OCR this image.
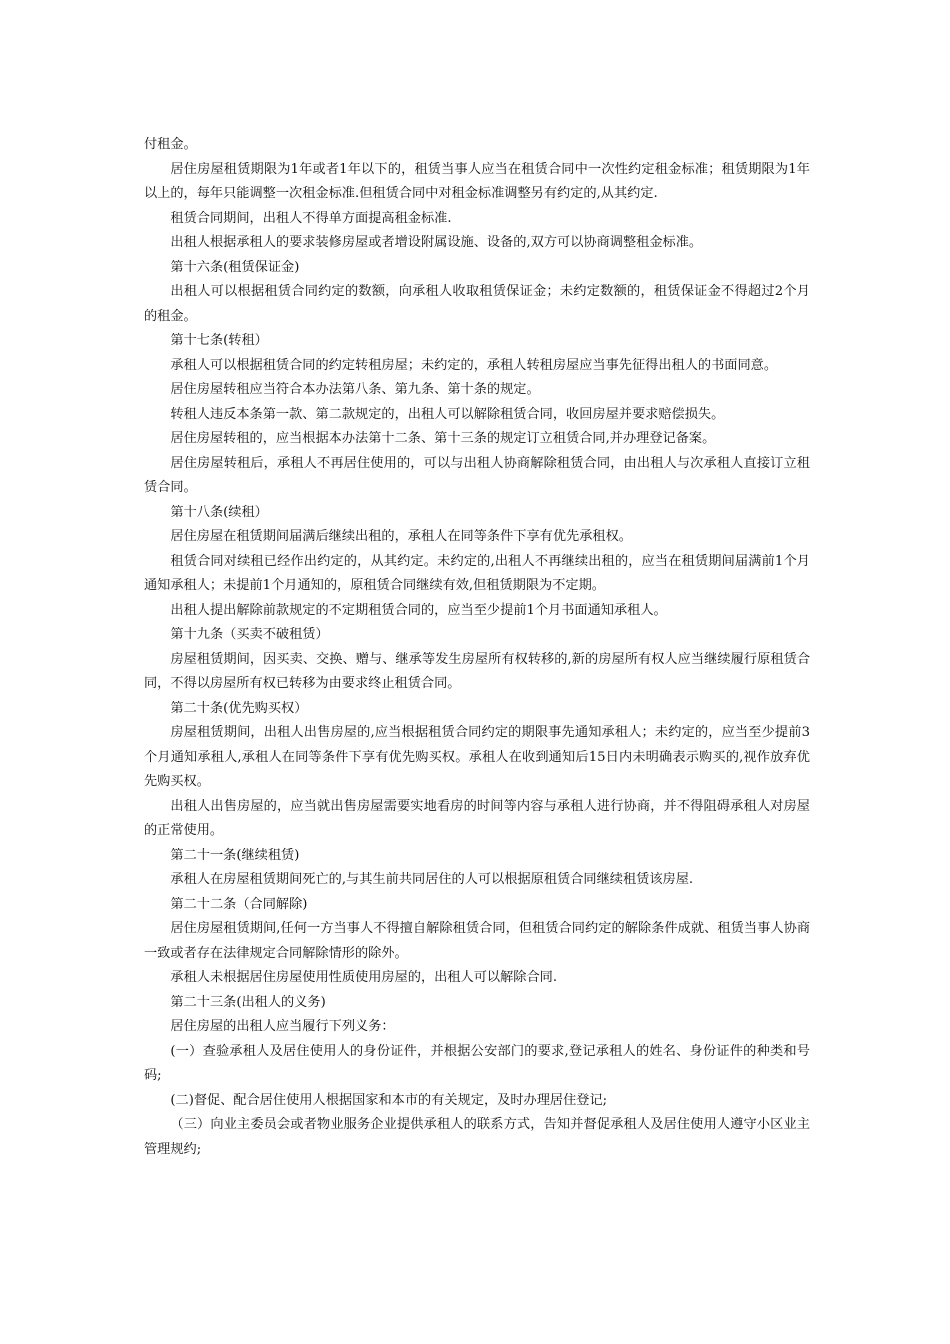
付租金。

居住房屋租赁期限为1年或者1年以下的，租赁当事人应当在租赁合同中一次性约定租金标准；租赁期限为1年以上的，每年只能调整一次租金标准.但租赁合同中对租金标准调整另有约定的,从其约定.

租赁合同期间，出租人不得单方面提高租金标准.

出租人根据承租人的要求装修房屋或者增设附属设施、设备的,双方可以协商调整租金标准。

第十六条(租赁保证金)

出租人可以根据租赁合同约定的数额，向承租人收取租赁保证金；未约定数额的，租赁保证金不得超过2个月的租金。

第十七条(转租）

承租人可以根据租赁合同的约定转租房屋；未约定的，承租人转租房屋应当事先征得出租人的书面同意。

居住房屋转租应当符合本办法第八条、第九条、第十条的规定。

转租人违反本条第一款、第二款规定的，出租人可以解除租赁合同，收回房屋并要求赔偿损失。

居住房屋转租的，应当根据本办法第十二条、第十三条的规定订立租赁合同,并办理登记备案。

居住房屋转租后，承租人不再居住使用的，可以与出租人协商解除租赁合同，由出租人与次承租人直接订立租赁合同。

第十八条(续租）

居住房屋在租赁期间届满后继续出租的，承租人在同等条件下享有优先承租权。

租赁合同对续租已经作出约定的，从其约定。未约定的,出租人不再继续出租的，应当在租赁期间届满前1个月通知承租人；未提前1个月通知的，原租赁合同继续有效,但租赁期限为不定期。

出租人提出解除前款规定的不定期租赁合同的，应当至少提前1个月书面通知承租人。

第十九条（买卖不破租赁）

房屋租赁期间，因买卖、交换、赠与、继承等发生房屋所有权转移的,新的房屋所有权人应当继续履行原租赁合同，不得以房屋所有权已转移为由要求终止租赁合同。

第二十条(优先购买权）

房屋租赁期间，出租人出售房屋的,应当根据租赁合同约定的期限事先通知承租人；未约定的，应当至少提前3个月通知承租人,承租人在同等条件下享有优先购买权。承租人在收到通知后15日内未明确表示购买的,视作放弃优先购买权。

出租人出售房屋的，应当就出售房屋需要实地看房的时间等内容与承租人进行协商，并不得阻碍承租人对房屋的正常使用。

第二十一条(继续租赁)

承租人在房屋租赁期间死亡的,与其生前共同居住的人可以根据原租赁合同继续租赁该房屋.

第二十二条（合同解除)

居住房屋租赁期间,任何一方当事人不得擅自解除租赁合同，但租赁合同约定的解除条件成就、租赁当事人协商一致或者存在法律规定合同解除情形的除外。

承租人未根据居住房屋使用性质使用房屋的，出租人可以解除合同.

第二十三条(出租人的义务)

居住房屋的出租人应当履行下列义务：

(一）查验承租人及居住使用人的身份证件，并根据公安部门的要求,登记承租人的姓名、身份证件的种类和号码;

(二)督促、配合居住使用人根据国家和本市的有关规定，及时办理居住登记;

（三）向业主委员会或者物业服务企业提供承租人的联系方式，告知并督促承租人及居住使用人遵守小区业主管理规约;
